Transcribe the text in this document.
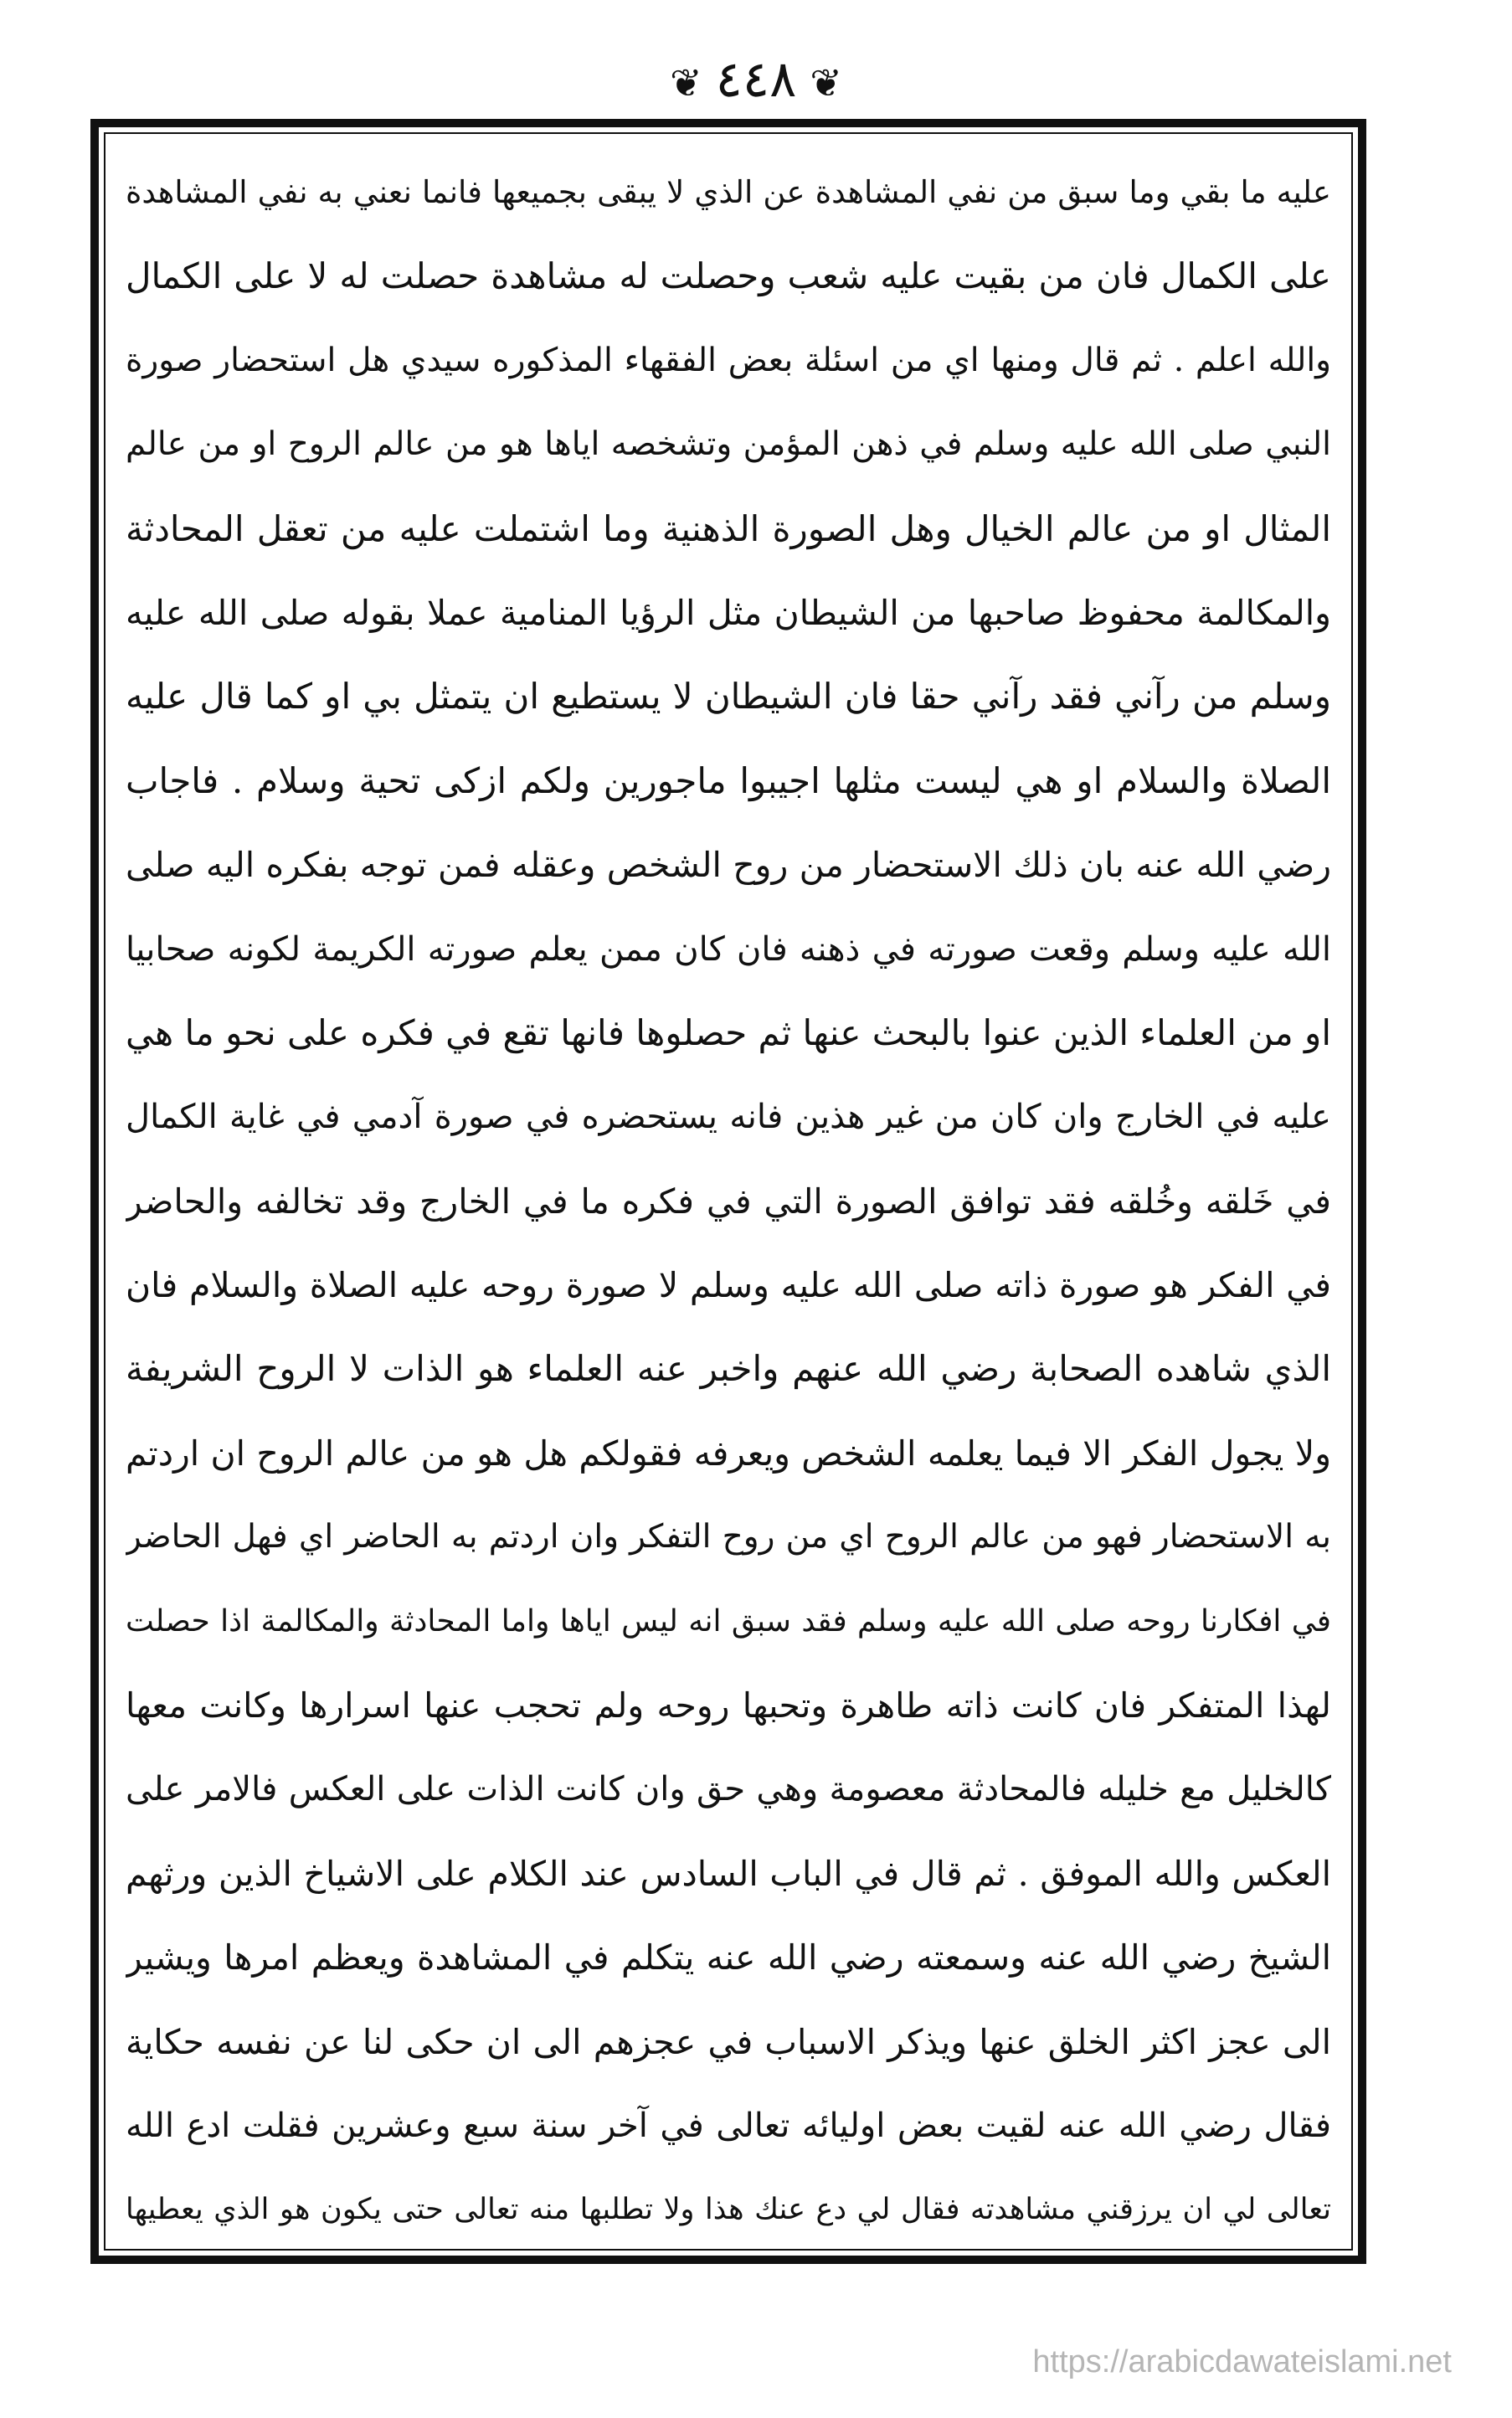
❦٤٤٨❦
عليه ما بقي وما سبق من نفي المشاهدة عن الذي لا يبقى بجميعها فانما نعني به نفي المشاهدة
على الكمال فان من بقيت عليه شعب وحصلت له مشاهدة حصلت له لا على الكمال
والله اعلم . ثم قال ومنها اي من اسئلة بعض الفقهاء المذكوره سيدي هل استحضار صورة
النبي صلى الله عليه وسلم في ذهن المؤمن وتشخصه اياها هو من عالم الروح او من عالم
المثال او من عالم الخيال وهل الصورة الذهنية وما اشتملت عليه من تعقل المحادثة
والمكالمة محفوظ صاحبها من الشيطان مثل الرؤيا المنامية عملا بقوله صلى الله عليه
وسلم من رآني فقد رآني حقا فان الشيطان لا يستطيع ان يتمثل بي او كما قال عليه
الصلاة والسلام او هي ليست مثلها اجيبوا ماجورين ولكم ازكى تحية وسلام . فاجاب
رضي الله عنه بان ذلك الاستحضار من روح الشخص وعقله فمن توجه بفكره اليه صلى
الله عليه وسلم وقعت صورته في ذهنه فان كان ممن يعلم صورته الكريمة لكونه صحابيا
او من العلماء الذين عنوا بالبحث عنها ثم حصلوها فانها تقع في فكره على نحو ما هي
عليه في الخارج وان كان من غير هذين فانه يستحضره في صورة آدمي في غاية الكمال
في خَلقه وخُلقه فقد توافق الصورة التي في فكره ما في الخارج وقد تخالفه والحاضر
في الفكر هو صورة ذاته صلى الله عليه وسلم لا صورة روحه عليه الصلاة والسلام فان
الذي شاهده الصحابة رضي الله عنهم واخبر عنه العلماء هو الذات لا الروح الشريفة
ولا يجول الفكر الا فيما يعلمه الشخص ويعرفه فقولكم هل هو من عالم الروح ان اردتم
به الاستحضار فهو من عالم الروح اي من روح التفكر وان اردتم به الحاضر اي فهل الحاضر
في افكارنا روحه صلى الله عليه وسلم فقد سبق انه ليس اياها واما المحادثة والمكالمة اذا حصلت
لهذا المتفكر فان كانت ذاته طاهرة وتحبها روحه ولم تحجب عنها اسرارها وكانت معها
كالخليل مع خليله فالمحادثة معصومة وهي حق وان كانت الذات على العكس فالامر على
العكس والله الموفق . ثم قال في الباب السادس عند الكلام على الاشياخ الذين ورثهم
الشيخ رضي الله عنه وسمعته رضي الله عنه يتكلم في المشاهدة ويعظم امرها ويشير
الى عجز اكثر الخلق عنها ويذكر الاسباب في عجزهم الى ان حكى لنا عن نفسه حكاية
فقال رضي الله عنه لقيت بعض اوليائه تعالى في آخر سنة سبع وعشرين فقلت ادع الله
تعالى لي ان يرزقني مشاهدته فقال لي دع عنك هذا ولا تطلبها منه تعالى حتى يكون هو الذي يعطيها
https://arabicdawateislami.net
